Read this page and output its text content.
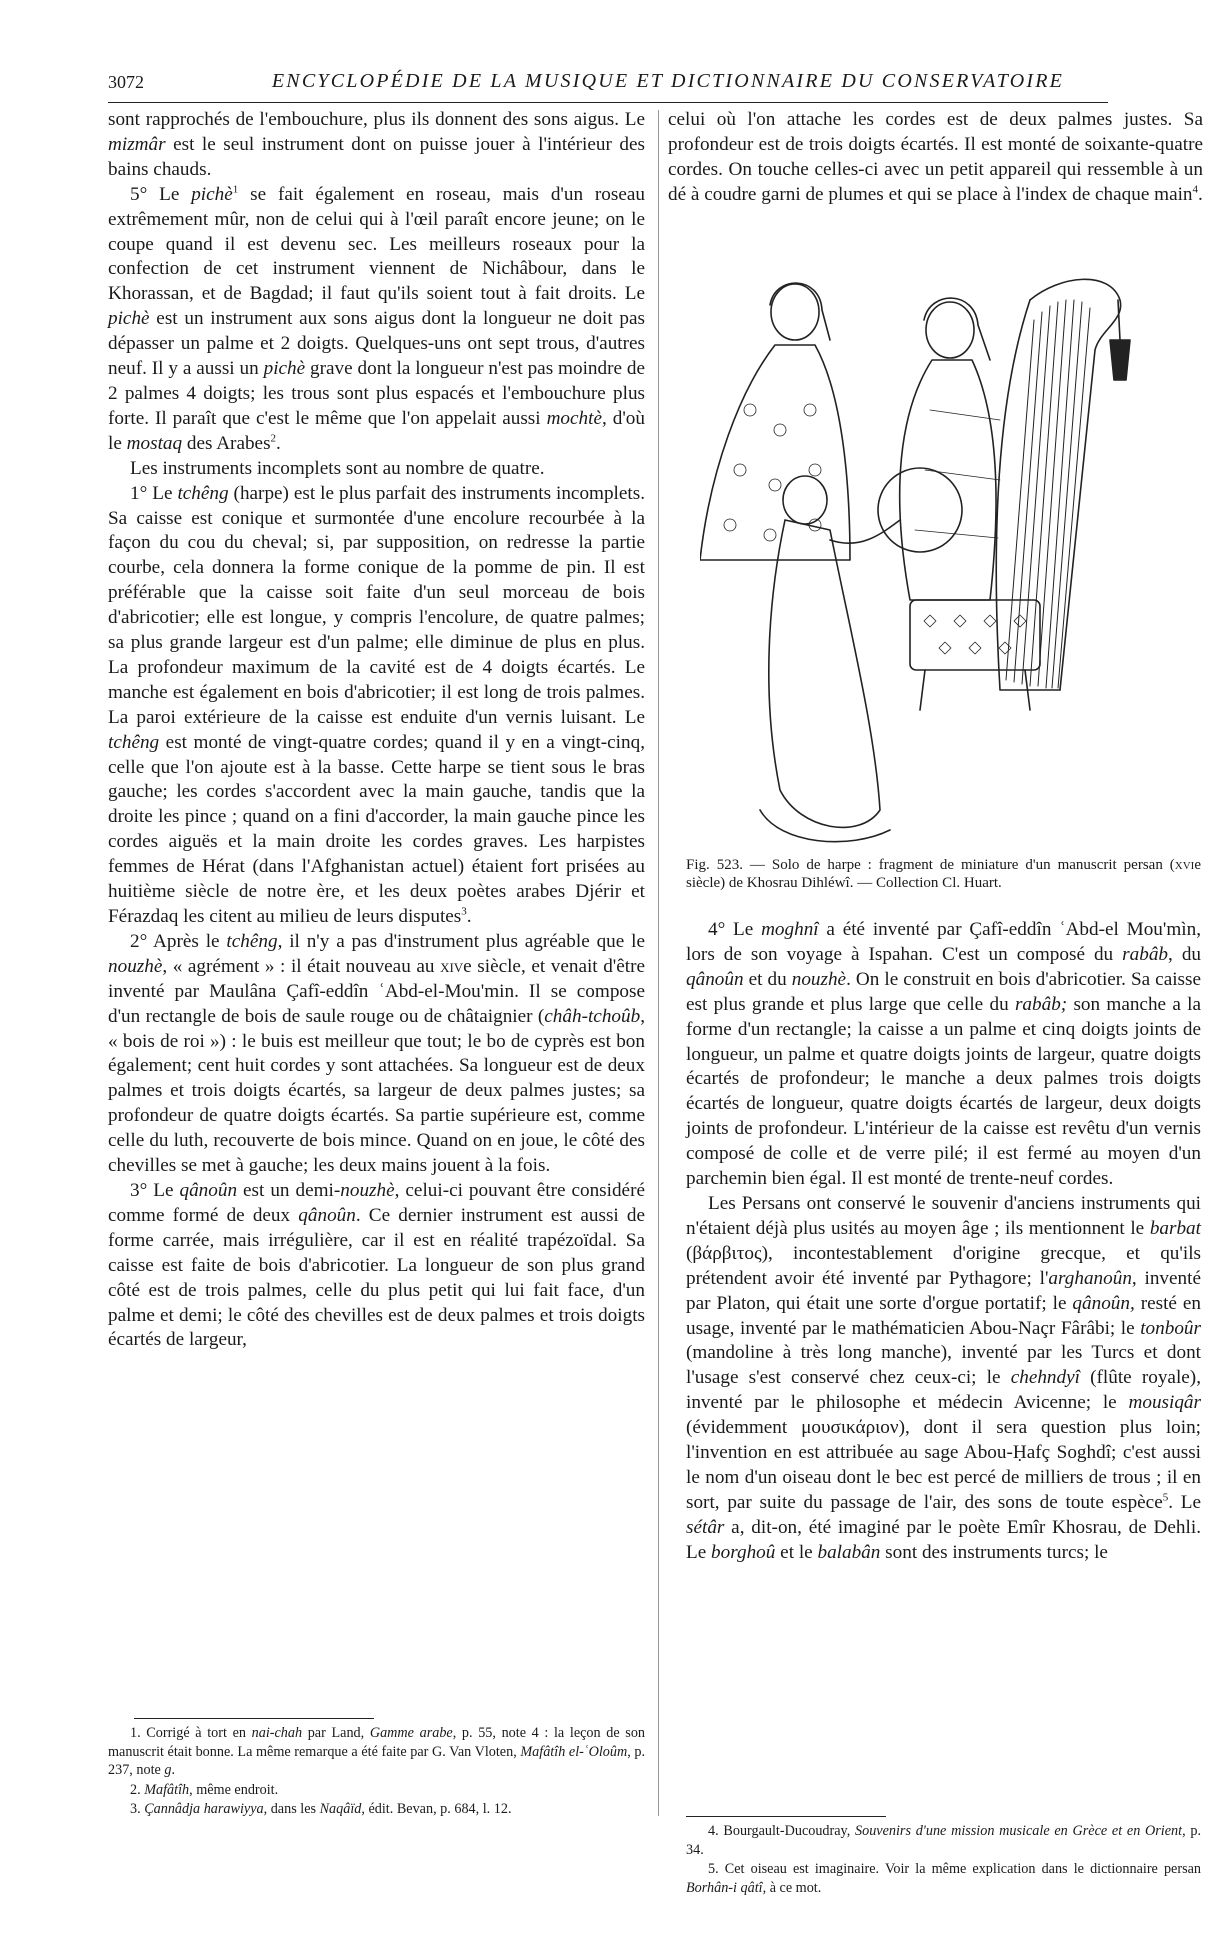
3072	ENCYCLOPÉDIE DE LA MUSIQUE ET DICTIONNAIRE DU CONSERVATOIRE

sont rapprochés de l'embouchure, plus ils donnent des sons aigus. Le mizmâr est le seul instrument dont on puisse jouer à l'intérieur des bains chauds.

5° Le pichè$^1$ se fait également en roseau, mais d'un roseau extrêmement mûr, non de celui qui à l'œil paraît encore jeune; on le coupe quand il est devenu sec. Les meilleurs roseaux pour la confection de cet instrument viennent de Nichâbour, dans le Khorassan, et de Bagdad; il faut qu'ils soient tout à fait droits. Le pichè est un instrument aux sons aigus dont la longueur ne doit pas dépasser un palme et 2 doigts. Quelques-uns ont sept trous, d'autres neuf. Il y a aussi un pichè grave dont la longueur n'est pas moindre de 2 palmes 4 doigts; les trous sont plus espacés et l'embouchure plus forte. Il paraît que c'est le même que l'on appelait aussi mochtè, d'où le mostaq des Arabes$^2$.

Les instruments incomplets sont au nombre de quatre.

1° Le tchêng (harpe) est le plus parfait des instruments incomplets. Sa caisse est conique et surmontée d'une encolure recourbée à la façon du cou du cheval; si, par supposition, on redresse la partie courbe, cela donnera la forme conique de la pomme de pin. Il est préférable que la caisse soit faite d'un seul morceau de bois d'abricotier; elle est longue, y compris l'encolure, de quatre palmes; sa plus grande largeur est d'un palme; elle diminue de plus en plus. La profondeur maximum de la cavité est de 4 doigts écartés. Le manche est également en bois d'abricotier; il est long de trois palmes. La paroi extérieure de la caisse est enduite d'un vernis luisant. Le tchêng est monté de vingt-quatre cordes; quand il y en a vingt-cinq, celle que l'on ajoute est à la basse. Cette harpe se tient sous le bras gauche; les cordes s'accordent avec la main gauche, tandis que la droite les pince ; quand on a fini d'accorder, la main gauche pince les cordes aiguës et la main droite les cordes graves. Les harpistes femmes de Hérat (dans l'Afghanistan actuel) étaient fort prisées au huitième siècle de notre ère, et les deux poètes arabes Djérir et Férazdaq les citent au milieu de leurs disputes$^3$.

2° Après le tchêng, il n'y a pas d'instrument plus agréable que le nouzhè, « agrément » : il était nouveau au xive siècle, et venait d'être inventé par Maulâna Çafî-eddîn ʿAbd-el-Mou'min. Il se compose d'un rectangle de bois de saule rouge ou de châtaignier (châh-tchoûb, « bois de roi ») : le buis est meilleur que tout; le bo de cyprès est bon également; cent huit cordes y sont attachées. Sa longueur est de deux palmes et trois doigts écartés, sa largeur de deux palmes justes; sa profondeur de quatre doigts écartés. Sa partie supérieure est, comme celle du luth, recouverte de bois mince. Quand on en joue, le côté des chevilles se met à gauche; les deux mains jouent à la fois.

3° Le qânoûn est un demi-nouzhè, celui-ci pouvant être considéré comme formé de deux qânoûn. Ce dernier instrument est aussi de forme carrée, mais irrégulière, car il est en réalité trapézoïdal. Sa caisse est faite de bois d'abricotier. La longueur de son plus grand côté est de trois palmes, celle du plus petit qui lui fait face, d'un palme et demi; le côté des chevilles est de deux palmes et trois doigts écartés de largeur,

1. Corrigé à tort en nai-chah par Land, Gamme arabe, p. 55, note 4 : la leçon de son manuscrit était bonne. La même remarque a été faite par G. Van Vloten, Mafâtîh el-ʿOloûm, p. 237, note g.

2. Mafâtîh, même endroit.

3. Çannâdja harawiyya, dans les Naqâïd, édit. Bevan, p. 684, l. 12.

celui où l'on attache les cordes est de deux palmes justes. Sa profondeur est de trois doigts écartés. Il est monté de soixante-quatre cordes. On touche celles-ci avec un petit appareil qui ressemble à un dé à coudre garni de plumes et qui se place à l'index de chaque main$^4$.

Fig. 523. — Solo de harpe : fragment de miniature d'un manuscrit persan (xvie siècle) de Khosrau Dihléwî. — Collection Cl. Huart.

4° Le moghnî a été inventé par Çafî-eddîn ʿAbd-el Mou'mìn, lors de son voyage à Ispahan. C'est un composé du rabâb, du qânoûn et du nouzhè. On le construit en bois d'abricotier. Sa caisse est plus grande et plus large que celle du rabâb; son manche a la forme d'un rectangle; la caisse a un palme et cinq doigts joints de longueur, un palme et quatre doigts joints de largeur, quatre doigts écartés de profondeur; le manche a deux palmes trois doigts écartés de longueur, quatre doigts écartés de largeur, deux doigts joints de profondeur. L'intérieur de la caisse est revêtu d'un vernis composé de colle et de verre pilé; il est fermé au moyen d'un parchemin bien égal. Il est monté de trente-neuf cordes.

Les Persans ont conservé le souvenir d'anciens instruments qui n'étaient déjà plus usités au moyen âge ; ils mentionnent le barbat (βάρβιτος), incontestablement d'origine grecque, et qu'ils prétendent avoir été inventé par Pythagore; l'arghanoûn, inventé par Platon, qui était une sorte d'orgue portatif; le qânoûn, resté en usage, inventé par le mathématicien Abou-Naçr Fârâbi; le tonboûr (mandoline à très long manche), inventé par les Turcs et dont l'usage s'est conservé chez ceux-ci; le chehndyî (flûte royale), inventé par le philosophe et médecin Avicenne; le mousiqâr (évidemment μουσικάριον), dont il sera question plus loin; l'invention en est attribuée au sage Abou-Ḥafç Soghdî; c'est aussi le nom d'un oiseau dont le bec est percé de milliers de trous ; il en sort, par suite du passage de l'air, des sons de toute espèce$^5$. Le sétâr a, dit-on, été imaginé par le poète Emîr Khosrau, de Dehli. Le borghoû et le balabân sont des instruments turcs; le

4. Bourgault-Ducoudray, Souvenirs d'une mission musicale en Grèce et en Orient, p. 34.

5. Cet oiseau est imaginaire. Voir la même explication dans le dictionnaire persan Borhân-i qâtî, à ce mot.
